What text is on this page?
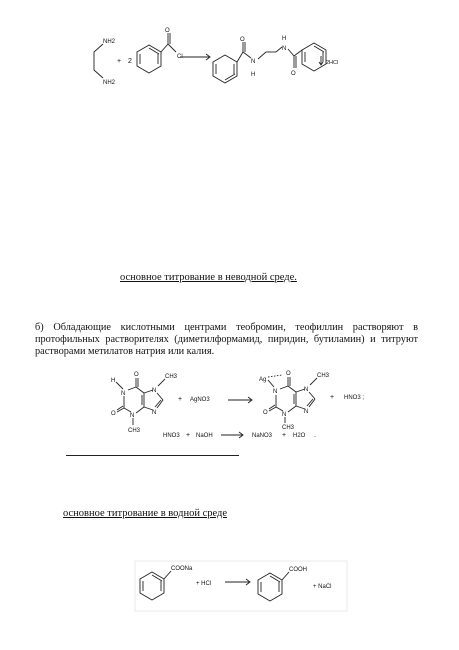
NH2
NH2
+ 2
O
Cl
O
N
H
H
N
O
2HCl
основное титрование в неводной среде.
б) Обладающие кислотными центрами теобромин, теофиллин растворяют в протофильных растворителях (диметилформамид, пиридин, бутиламин) и титруют растворами метилатов натрия или калия.
H
N
O N
CH3
O
N
CH3
N
+ AgNO3
Ag
N
O N
CH3
O
N
CH3
N
+ HNO3 ;
HNO3 + NaOH	NaNO3 + H2O .
основное титрование в водной среде
COONa
+ HCl
COOH
+ NaCl
